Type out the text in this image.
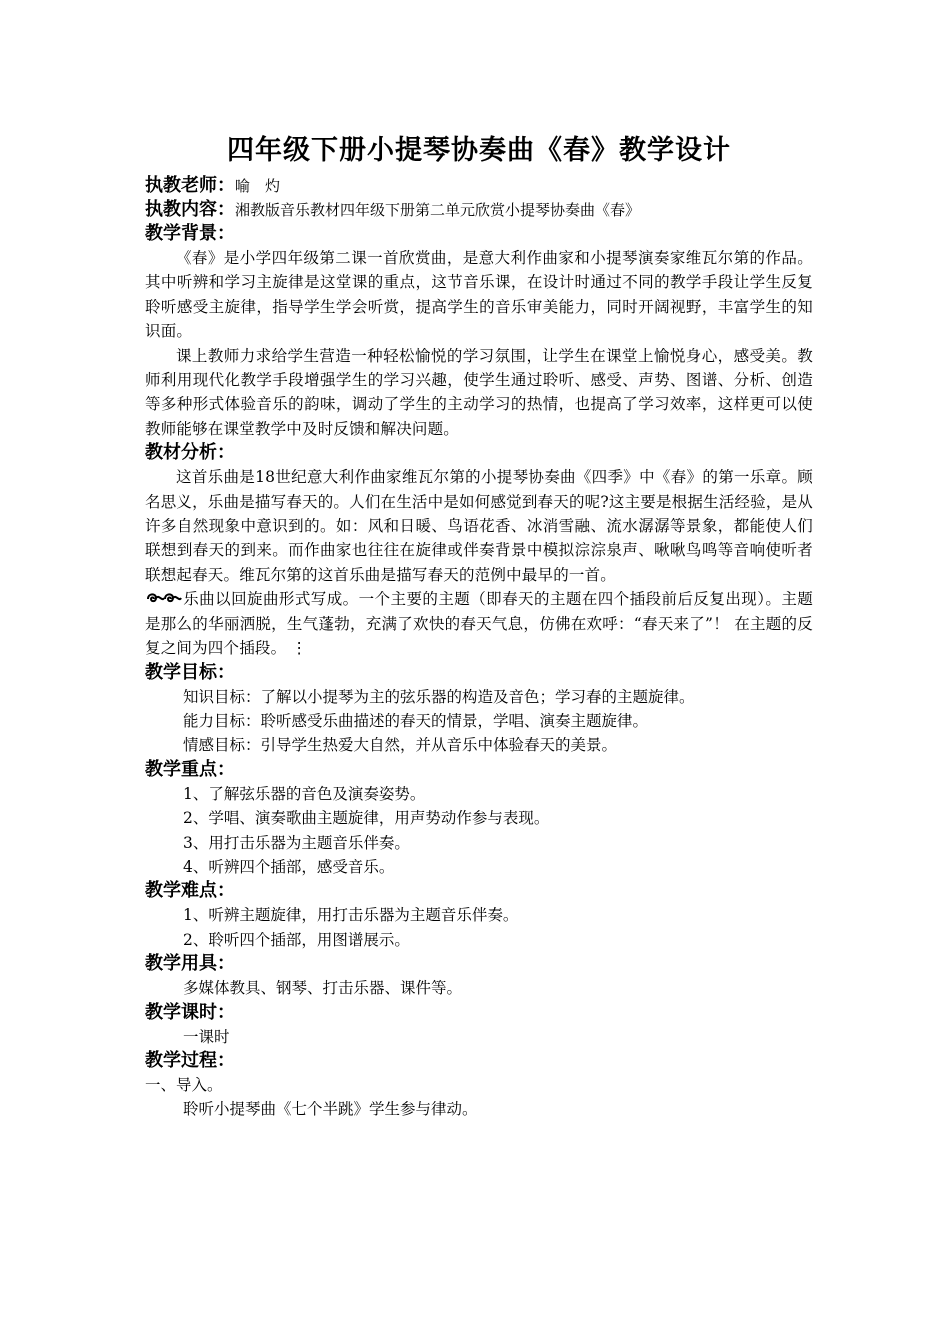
四年级下册小提琴协奏曲《春》教学设计
执教老师：喻　灼
执教内容：湘教版音乐教材四年级下册第二单元欣赏小提琴协奏曲《春》
教学背景：

《春》是小学四年级第二课一首欣赏曲，是意大利作曲家和小提琴演奏家维瓦尔第的作品。其中听辨和学习主旋律是这堂课的重点，这节音乐课，在设计时通过不同的教学手段让学生反复聆听感受主旋律，指导学生学会听赏，提高学生的音乐审美能力，同时开阔视野，丰富学生的知识面。

课上教师力求给学生营造一种轻松愉悦的学习氛围，让学生在课堂上愉悦身心，感受美。教师利用现代化教学手段增强学生的学习兴趣，使学生通过聆听、感受、声势、图谱、分析、创造等多种形式体验音乐的韵味，调动了学生的主动学习的热情，也提高了学习效率，这样更可以使教师能够在课堂教学中及时反馈和解决问题。

教材分析：

这首乐曲是18世纪意大利作曲家维瓦尔第的小提琴协奏曲《四季》中《春》的第一乐章。顾名思义，乐曲是描写春天的。人们在生活中是如何感觉到春天的呢?这主要是根据生活经验，是从许多自然现象中意识到的。如：风和日暖、鸟语花香、冰消雪融、流水潺潺等景象，都能使人们联想到春天的到来。而作曲家也往往在旋律或伴奏背景中模拟淙淙泉声、啾啾鸟鸣等音响使听者联想起春天。维瓦尔第的这首乐曲是描写春天的范例中最早的一首。

乐曲以回旋曲形式写成。一个主要的主题（即春天的主题在四个插段前后反复出现）。主题是那么的华丽洒脱，生气蓬勃，充满了欢快的春天气息，仿佛在欢呼：“春天来了”！ 在主题的反复之间为四个插段。 ⋮

教学目标：

知识目标：了解以小提琴为主的弦乐器的构造及音色；学习春的主题旋律。

能力目标：聆听感受乐曲描述的春天的情景，学唱、演奏主题旋律。

情感目标：引导学生热爱大自然，并从音乐中体验春天的美景。

教学重点：

1、了解弦乐器的音色及演奏姿势。

2、学唱、演奏歌曲主题旋律，用声势动作参与表现。

3、用打击乐器为主题音乐伴奏。

4、听辨四个插部，感受音乐。

教学难点：

1、听辨主题旋律，用打击乐器为主题音乐伴奏。

2、聆听四个插部，用图谱展示。

教学用具：

多媒体教具、钢琴、打击乐器、课件等。

教学课时：

一课时

教学过程：

一、导入。

聆听小提琴曲《七个半跳》学生参与律动。
